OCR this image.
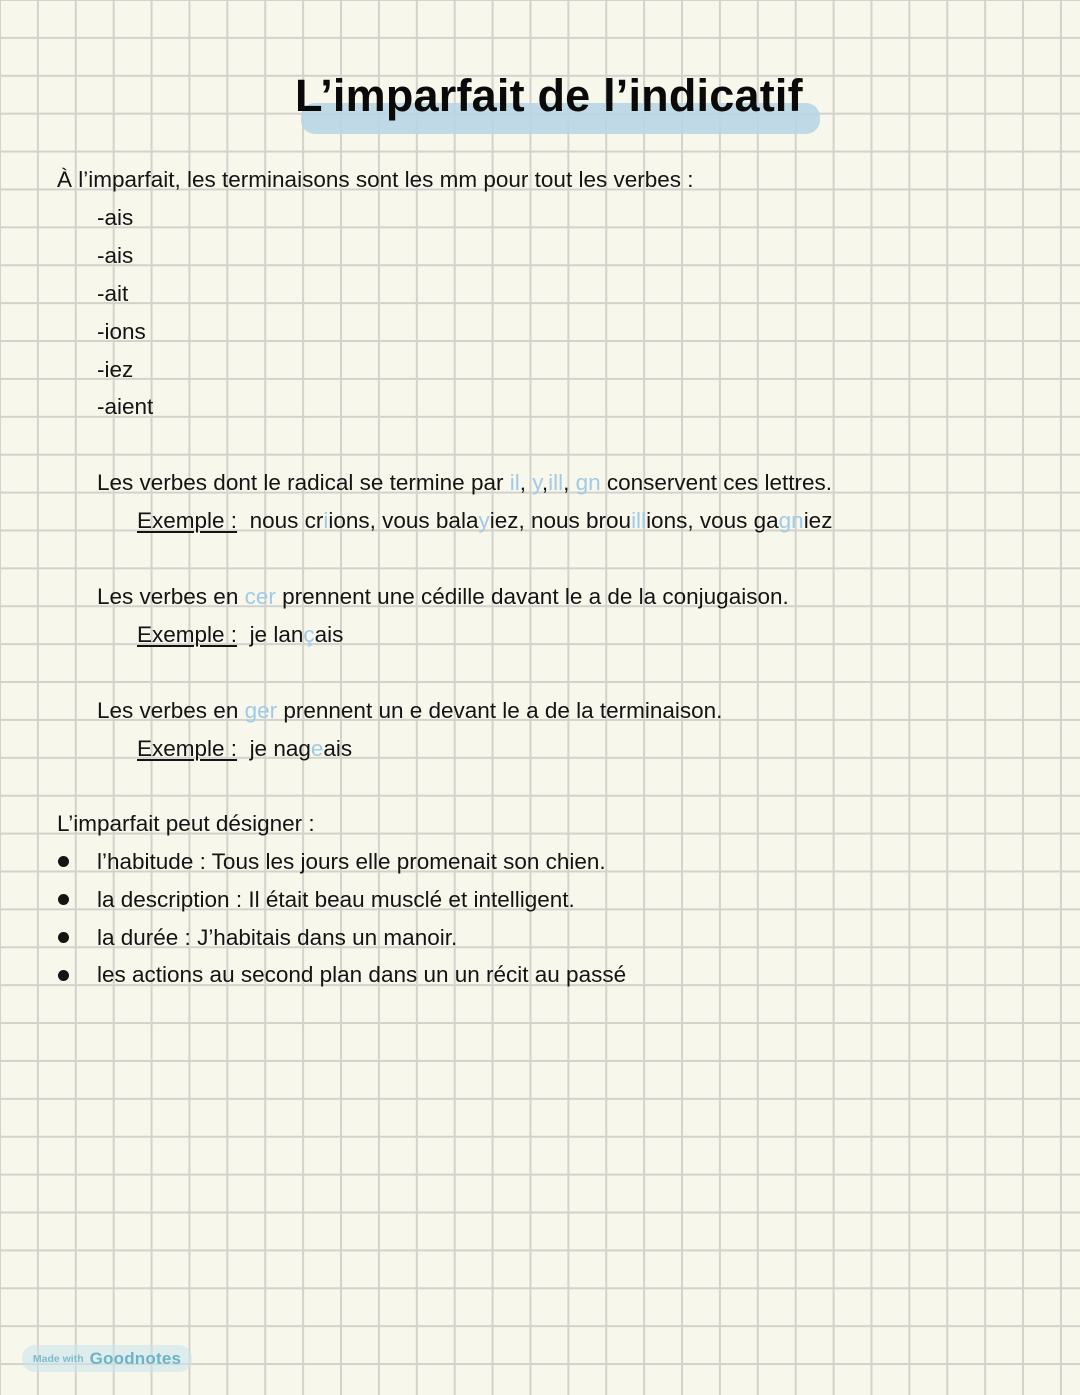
L’imparfait de l’indicatif
À l’imparfait, les terminaisons sont les mm pour tout les verbes :
-ais
-ais
-ait
-ions
-iez
-aient
Les verbes dont le radical se termine par il, y,ill, gn conservent ces lettres.
Exemple : nous criions, vous balayiez, nous brouillions, vous gagniez
Les verbes en cer prennent une cédille davant le a de la conjugaison.
Exemple : je lançais
Les verbes en ger prennent un e devant le a de la terminaison.
Exemple : je nageais
L’imparfait peut désigner :
l’habitude : Tous les jours elle promenait son chien.
la description : Il était beau musclé et intelligent.
la durée : J’habitais dans un manoir.
les actions au second plan dans un un récit au passé
Made with Goodnotes
